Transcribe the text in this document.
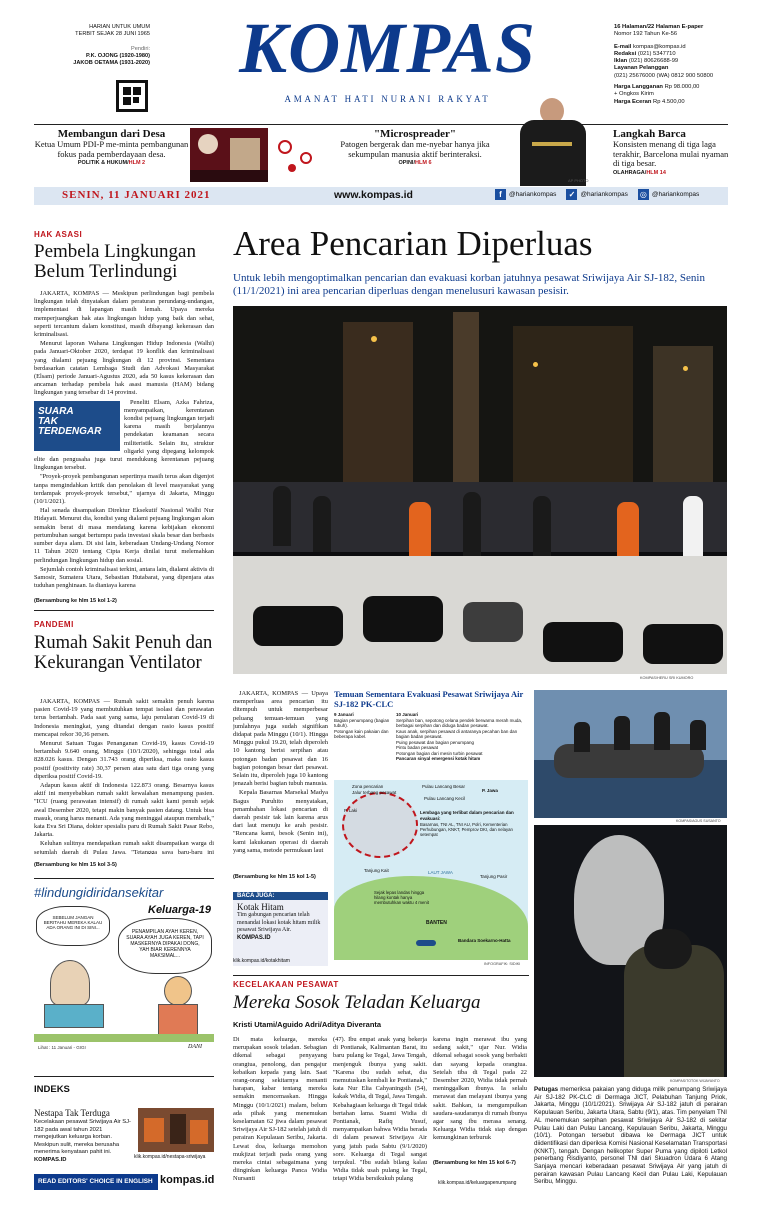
HARIAN UNTUK UMUM
TERBIT SEJAK 28 JUNI 1965
Pendiri:
P.K. OJONG (1920-1980)
JAKOB OETAMA (1931-2020)	KOMPAS
AMANAT HATI NURANI RAKYAT
16 Halaman/22 Halaman E-paper
Nomor 192 Tahun Ke-56
E-mail kompas@kompas.id
Redaksi (021) 5347710
Iklan (021) 80626688-99
Layanan Pelanggan
(021) 25676000 (WA) 0812 900 50800
Harga Langganan Rp 98.000,00
+ Ongkos Kirim
Harga Eceran Rp 4.500,00
Membangun dari Desa
Ketua Umum PDI-P me-minta pembangunan fokus pada pemberdayaan desa.
POLITIK & HUKUM/HLM 2
"Microspreader"
Patogen bergerak dan me-nyebar hanya jika sekumpulan manusia aktif berinteraksi.
OPINI/HLM 6
AP PHOTO
Langkah Barca
Konsisten menang di tiga laga terakhir, Barcelona mulai nyaman di tiga besar.
OLAHRAGA/HLM 14
SENIN, 11 JANUARI 2021	www.kompas.id	f	@hariankompas ✓ @hariankompas ◎ @hariankompas
HAK ASASI
Pembela Lingkungan Belum Terlindungi

JAKARTA, KOMPAS — Meskipun perlindungan bagi pembela lingkungan telah dinyatakan dalam peraturan perundang-undangan, implementasi di lapangan masih lemah. Upaya mereka memperjuangkan hak atas lingkungan hidup yang baik dan sehat, seperti tercantum dalam konstitusi, masih dibayangi kekerasan dan kriminalisasi.

Menurut laporan Wahana Lingkungan Hidup Indonesia (Walhi) pada Januari-Oktober 2020, terdapat 19 konflik dan kriminalisasi yang dialami pejuang lingkungan di 12 provinsi. Sementara berdasarkan catatan Lembaga Studi dan Advokasi Masyarakat (Elsam) periode Januari-Agustus 2020, ada 50 kasus kekerasan dan ancaman terhadap pembela hak asasi manusia (HAM) bidang lingkungan yang tersebar di 14 provinsi.

SUARA
TAK TERDENGAR

Peneliti Elsam, Azka Fahriza, menyampaikan, kerentanan kondisi pejuang lingkungan terjadi karena masih berjalannya pendekatan keamanan secara militeristik. Selain itu, struktur oligarki yang dipegang kelompok elite dan pengusaha juga turut mendukung kerentanan pejuang lingkungan tersebut.

"Proyek-proyek pembangunan sepertinya masih terus akan digenjot tanpa mengindahkan kritik dan penolakan di level masyarakat yang terdampak proyek-proyek tersebut," ujarnya di Jakarta, Minggu (10/1/2021).

Hal senada disampaikan Direktur Eksekutif Nasional Walhi Nur Hidayati. Menurut dia, kondisi yang dialami pejuang lingkungan akan semakin berat di masa mendatang karena kebijakan ekonomi pertumbuhan sangat bertumpu pada investasi skala besar dan berbasis sumber daya alam. Di sisi lain, keberadaan Undang-Undang Nomor 11 Tahun 2020 tentang Cipta Kerja dinilai turut melemahkan perlindungan lingkungan hidup dan sosial.

Sejumlah contoh kriminalisasi terkini, antara lain, dialami aktivis di Samosir, Sumatera Utara, Sebastian Hutabarat, yang dipenjara atas tuduhan penghinaan. Ia dianiaya karena

(Bersambung ke hlm 15 kol 1-2)
PANDEMI
Rumah Sakit Penuh dan Kekurangan Ventilator

JAKARTA, KOMPAS — Rumah sakit semakin penuh karena pasien Covid-19 yang membutuhkan tempat isolasi dan perawatan terus bertambah. Pada saat yang sama, laju penularan Covid-19 di Indonesia meningkat, yang ditandai dengan rasio kasus positif mencapai rekor 30,36 persen.

Menurut Satuan Tugas Penanganan Covid-19, kasus Covid-19 bertambah 9.640 orang, Minggu (10/1/2020), sehingga total ada 828.026 kasus. Dengan 31.743 orang diperiksa, maka rasio kasus positif (positivity rate) 30,37 persen atau satu dari tiga orang yang diperiksa positif Covid-19.

Adapun kasus aktif di Indonesia 122.873 orang. Besarnya kasus aktif ini menyebabkan rumah sakit kewalahan menampung pasien. "ICU (ruang perawatan intensif) di rumah sakit kami penuh sejak awal Desember 2020, tetapi makin banyak pasien datang. Untuk bisa masuk, orang harus menanti. Ada yang meninggal ataupun membaik," kata Eva Sri Diana, dokter spesialis paru di Rumah Sakit Pasar Rebo, Jakarta.

Keluhan sulitnya mendapatkan rumah sakit disampaikan warga di sejumlah daerah di Pulau Jawa. "Tetangga saya baru-baru ini

(Bersambung ke hlm 15 kol 3-5)
#lindungidiridansekitar
SEBELUM JANGAN BERITAHU MEREKA KALAU ADA ORANG INI DI SINI...
Keluarga-19
PENAMPILAN AYAH KEREN, SUARA AYAH JUGA KEREN, TAPI MASKERNYA DIPAKAI DONG, YAH BIAR KERENNYA MAKSIMAL...
Lihat : 11 Januari - GIGI	DANI
INDEKS
Nestapa Tak Terduga
Kecelakaan pesawat Sriwijaya Air SJ-182 pada awal tahun 2021 mengejutkan keluarga korban. Meskipun sulit, mereka berusaha menerima kenyataan pahit ini. KOMPAS.ID	klik.kompas.id/nestapa-sriwijaya
READ EDITORS' CHOICE IN ENGLISH kompas.id
Area Pencarian Diperluas
Untuk lebih mengoptimalkan pencarian dan evakuasi korban jatuhnya pesawat Sriwijaya Air SJ-182, Senin (11/1/2021) ini area pencarian diperluas dengan menelusuri kawasan pesisir.
KOMPAS/HERU SRI KUMORO

JAKARTA, KOMPAS — Upaya memperluas area pencarian itu ditempuh untuk memperbesar peluang temuan-temuan yang jumlahnya juga sudah signifikan didapat pada Minggu (10/1). Hingga Minggu pukul 19.20, telah diperoleh 10 kantong berisi serpihan atau potongan badan pesawat dan 16 bagian potongan besar dari pesawat. Selain itu, diperoleh juga 10 kantong jenazah berisi bagian tubuh manusia.

Kepala Basarnas Marsekal Madya Bagus Puruhito menyatakan, penambahan lokasi pencarian di daerah pesisir tak lain karena arus dari laut menuju ke arah pesisir. "Rencana kami, besok (Senin ini), kami lakukanan operasi di daerah yang sama, metode permukaan laut

(Bersambung ke hlm 15 kol 1-5)
BACA JUGA:
Kotak Hitam
Tim gabungan pencarian telah menandai lokasi kotak hitam milik pesawat Sriwijaya Air. KOMPAS.ID
klik.kompas.id/kotakhitam
Temuan Sementara Evakuasi Pesawat Sriwijaya Air SJ-182 PK-CLC
9 Januari
Bagian penumpang (bagian tubuh).
Potongan kain pakaian dan beberapa kabel.
10 Januari
Serpihan ban, sepotong celana pendek berwarna merah muda, berbagai serpihan dan diduga badan pesawat.
Kaus anak, serpihan pesawat di antaranya pecahan ban dan bagian badan pesawat.
Puing pesawat dan bagian penumpang
Pintu badan pesawat
Potongan bagian dari mesin turbin pesawat
Pancaran sinyal emergensi kotak hitam
Zona pencarian
Jalur terbang pesawat
Pulau Lancang Besar
P. Jawa
Pulau Lancang Kecil
P. Laki	Lembaga yang terlibat dalam pencarian dan evakuasi:
Basarnas, TNI AL, TNI AU, Polri, Kementerian Perhubungan, KNKT, Pemprov DKI, dan nelayan setempat
Tanjung Kait	LAUT JAWA
Tanjung Pasir
Sejak lepas landas hingga hilang kontak hanya membutuhkan waktu 4 menit
BANTEN
Bandara Soekarno-Hatta
INFOGRAFIK: SIDIKI
KOMPAS/AGUS SUSANTO
KOMPAS/TOTOK WIJAYANTO
Petugas memeriksa pakaian yang diduga milik penumpang Sriwijaya Air SJ-182 PK-CLC di Dermaga JICT, Pelabuhan Tanjung Priok, Jakarta, Minggu (10/1/2021). Sriwijaya Air SJ-182 jatuh di perairan Kepulauan Seribu, Jakarta Utara, Sabtu (9/1), atas. Tim penyelam TNI AL menemukan serpihan pesawat Sriwijaya Air SJ-182 di sekitar Pulau Laki dan Pulau Lancang, Kepulauan Seribu, Jakarta, Minggu (10/1). Potongan tersebut dibawa ke Dermaga JICT untuk diidentifikasi dan diperiksa Komisi Nasional Keselamatan Transportasi (KNKT), tengah. Dengan helikopter Super Puma yang dipiloti Letkol penerbang Risdiyanto, personel TNI dari Skuadron Udara 6 Atang Sanjaya mencari keberadaan pesawat Sriwijaya Air yang jatuh di perairan kawasan Pulau Lancang Kecil dan Pulau Laki, Kepulauan Seribu, Minggu.
KECELAKAAN PESAWAT
Mereka Sosok Teladan Keluarga
Kristi Utami/Aguido Adri/Aditya Diveranta

Di mata keluarga, mereka merupakan sosok teladan. Sebagian dikenal sebagai penyayang orangtua, penolong, dan pengajur kebaikan kepada yang lain. Saat orang-orang sekitarnya menanti harapan, kabar tentang mereka semakin mencemaskan. Hingga Minggu (10/1/2021) malam, belum ada pihak yang menemukan keselamatan 62 jiwa dalam pesawat Sriwijaya Air SJ-182 setelah jatuh di perairan Kepulauan Seribu, Jakarta. Lewat doa, keluarga memohon mukjizat terjadi pada orang yang mereka cintai sebagaimana yang diinginkan keluarga Panca Widia Nursanti

(47). Ibu empat anak yang bekerja di Pontianak, Kalimantan Barat, itu baru pulang ke Tegal, Jawa Tengah, menjenguk ibunya yang sakit. "Karena ibu sudah sehat, dia memutuskan kembali ke Pontianak," kata Nur Elia Cahyaningsih (54), kakak Widia, di Tegal, Jawa Tengah. Kebahagiaan keluarga di Tegal tidak bertahan lama. Suami Widia di Pontianak, Rafiq Yusuf, menyampaikan bahwa Widia berada di dalam pesawat Sriwijaya Air yang jatuh pada Sabtu (9/1/2020) sore. Keluarga di Tegal sangat terpukul. "Ibu sudah bilang kalau Widia tidak usah pulang ke Tegal, tetapi Widia bersikukuh pulang

karena ingin merawat ibu yang sedang sakit," ujar Nur. Widia dikenal sebagai sosok yang berbakti dan sayang kepada orangtua. Setelah tiba di Tegal pada 22 Desember 2020, Widia tidak pernah meninggalkan ibunya. Ia selalu merawat dan melayani ibunya yang sakit. Bahkan, ia mengumpulkan saudara-saudaranya di rumah ibunya agar sang ibu merasa senang. Keluarga Widia tidak siap dengan kemungkinan terburuk

(Bersambung ke hlm 15 kol 6-7)
klik.kompas.id/keluargapenumpang
